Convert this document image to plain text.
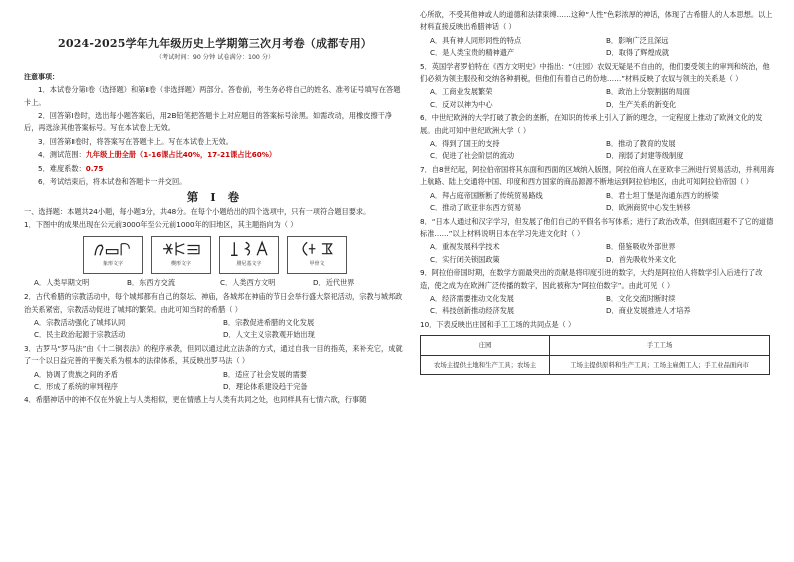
2024-2025学年九年级历史上学期第三次月考卷（成都专用）
（考试时间：90 分钟 试卷满分：100 分）
注意事项：
1．本试卷分第Ⅰ卷（选择题）和第Ⅱ卷（非选择题）两部分。答卷前，考生务必将自己的姓名、准考证号填写在答题卡上。
2．回答第Ⅰ卷时，选出每小题答案后，用2B铅笔把答题卡上对应题目的答案标号涂黑。如需改动，用橡皮擦干净后，再选涂其他答案标号。写在本试卷上无效。
3．回答第Ⅱ卷时，将答案写在答题卡上。写在本试卷上无效。
4．测试范围：九年级上册全册（1-16课占比40%，17-21课占比60%）
5．难度系数：0.75
6．考试结束后，将本试卷和答题卡一并交回。
第 Ⅰ 卷
一、选择题：本题共24小题，每小题3分，共48分。在每个小题给出的四个选项中，只有一项符合题目要求。
1．下图中的成果出现在公元前3000年至公元前1000年的旧地区，其主题指向为（ ）
象形文字	楔形文字	腓尼基文字	甲骨文
A．人类早期文明	B．东西方交流	C．人类西方文明	D．近代世界
2．古代希腊的宗教活动中，每个城邦都有自己的祭坛、神庙，各城邦在神庙的节日会举行盛大祭祀活动，宗教与城邦政治关系紧密，宗教活动促进了城邦的繁荣。由此可知当时的希腊（ ）
A．宗教活动强化了城邦认同	B．宗教促进希腊的文化发展
C．民主政治起源于宗教活动	D．人文主义宗教观开始出现
3．古罗马“罗马法”由《十二铜表法》的程序承袭，但同以通过此立法条的方式，通过自我一目的指英，来补充它，成就了一个以日益完善的平衡关系为根本的法律体系，其反映出罗马法（ ）
A．协调了贵族之间的矛盾	B．适应了社会发展的需要
C．形成了系统的审判程序	D．理论体系建设趋于完备
4．希腊神话中的神不仅在外貌上与人类相似，更在情感上与人类有共同之处，也同样具有七情六欲，行事随
心所欲，不受其他神或人的道德和法律束缚……这种“人性”色彩浓厚的神话，体现了古希腊人的人本思想。以上材料直接反映出希腊神话（ ）
A．具有神人同形同性的特点	B．影响广泛且深远
C．是人类宝贵的精神遗产	D．取得了辉煌成就
5．英国学者罗伯特在《西方文明史》中指出：“（庄园）农奴无疑是不自由的，他们要受领主的审判和统治，他们必须为领主服役和交纳各种捐税，但他们有着自己的份地……”材料反映了农奴与领主的关系是（ ）
A．工商业发展繁荣	B．政治上分裂割据的局面
C．反对以神为中心	D．生产关系的新变化
6．中世纪欧洲的大学打破了教会的垄断，在知识的传承上引入了新的理念，一定程度上推动了欧洲文化的发展。由此可知中世纪欧洲大学（ ）
A．得到了国王的支持	B．推动了教育的发展
C．促进了社会阶层的流动	D．削弱了封建等级制度
7．自8世纪起，阿拉伯帝国将其东面和西面的区域纳入版图，阿拉伯商人在亚欧非三洲进行贸易活动，并利用海上航路、陆上交通将中国、印度和西方国家的商品源源不断地运到阿拉伯地区，由此可知阿拉伯帝国（ ）
A．拜占庭帝国断断了传统贸易路线	B．君士坦丁堡是沟通东西方的桥梁
C．推动了欧亚非东西方贸易	D．欧洲商贸中心发生转移
8．“日本人通过和汉字学习，但发展了他们自己的平假名书写体系；进行了政治改革，但到底回避不了它的道德标准……”以上材料说明日本在学习先进文化时（ ）
A．重视发展科学技术	B．借鉴吸收外部世界
C．实行闭关锁国政策	D．首先吸收外来文化
9．阿拉伯帝国时期，在数学方面最突出的贡献是将印度引进的数字，大约是阿拉伯人将数学引入后进行了改造，使之成为在欧洲广泛传播的数字，因此被称为“阿拉伯数字”。由此可见（ ）
A．经济需要推动文化发展	B．文化交流时断时续
C．科技创新推动经济发展	D．商业发展推进人才培养
10．下表反映出庄园和手工工场的共同点是（ ）
庄园	手工工场
农场主提供土地和生产工具；农场主	工场主提供原料和生产工具；工场主雇佣工人；手工业品面向市
